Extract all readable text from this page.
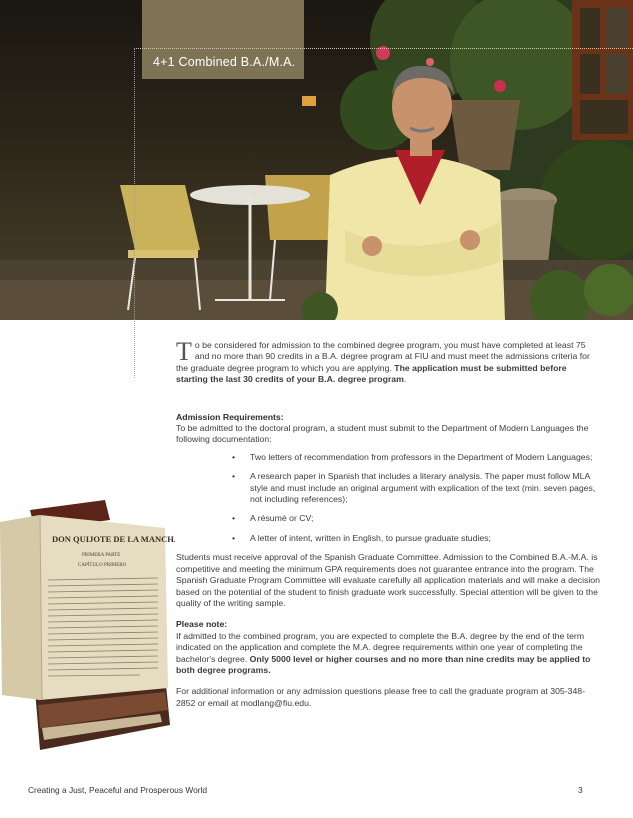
4+1 Combined B.A./M.A.
DON QUIJOTE DE LA MANCHA
PRIMERA PARTE
CAPÍTULO PRIMERO

To be considered for admission to the combined degree program, you must have completed at least 75 and no more than 90 credits in a B.A. degree program at FIU and must meet the admissions criteria for the graduate degree program to which you are applying. The application must be submitted before starting the last 30 credits of your B.A. degree program.

Admission Requirements:

To be admitted to the doctoral program, a student must submit to the Department of Modern Languages the following documentation:

• Two letters of recommendation from professors in the Department of Modern Languages;
• A research paper in Spanish that includes a literary analysis. The paper must follow MLA style and must include an original argument with explication of the text (min. seven pages, not including references);
• A résumé or CV;
• A letter of intent, written in English, to pursue graduate studies;

Students must receive approval of the Spanish Graduate Committee. Admission to the Combined B.A.-M.A. is competitive and meeting the minimum GPA requirements does not guarantee entrance into the program. The Spanish Graduate Program Committee will evaluate carefully all application materials and will make a decision based on the potential of the student to finish graduate work successfully. Special attention will be given to the quality of the writing sample.

Please note:

If admitted to the combined program, you are expected to complete the B.A. degree by the end of the term indicated on the application and complete the M.A. degree requirements within one year of completing the bachelor's degree. Only 5000 level or higher courses and no more than nine credits may be applied to both degree programs.

For additional information or any admission questions please free to call the graduate program at 305-348-2852 or email at modlang@fiu.edu.

Creating a Just, Peaceful and Prosperous World	3
